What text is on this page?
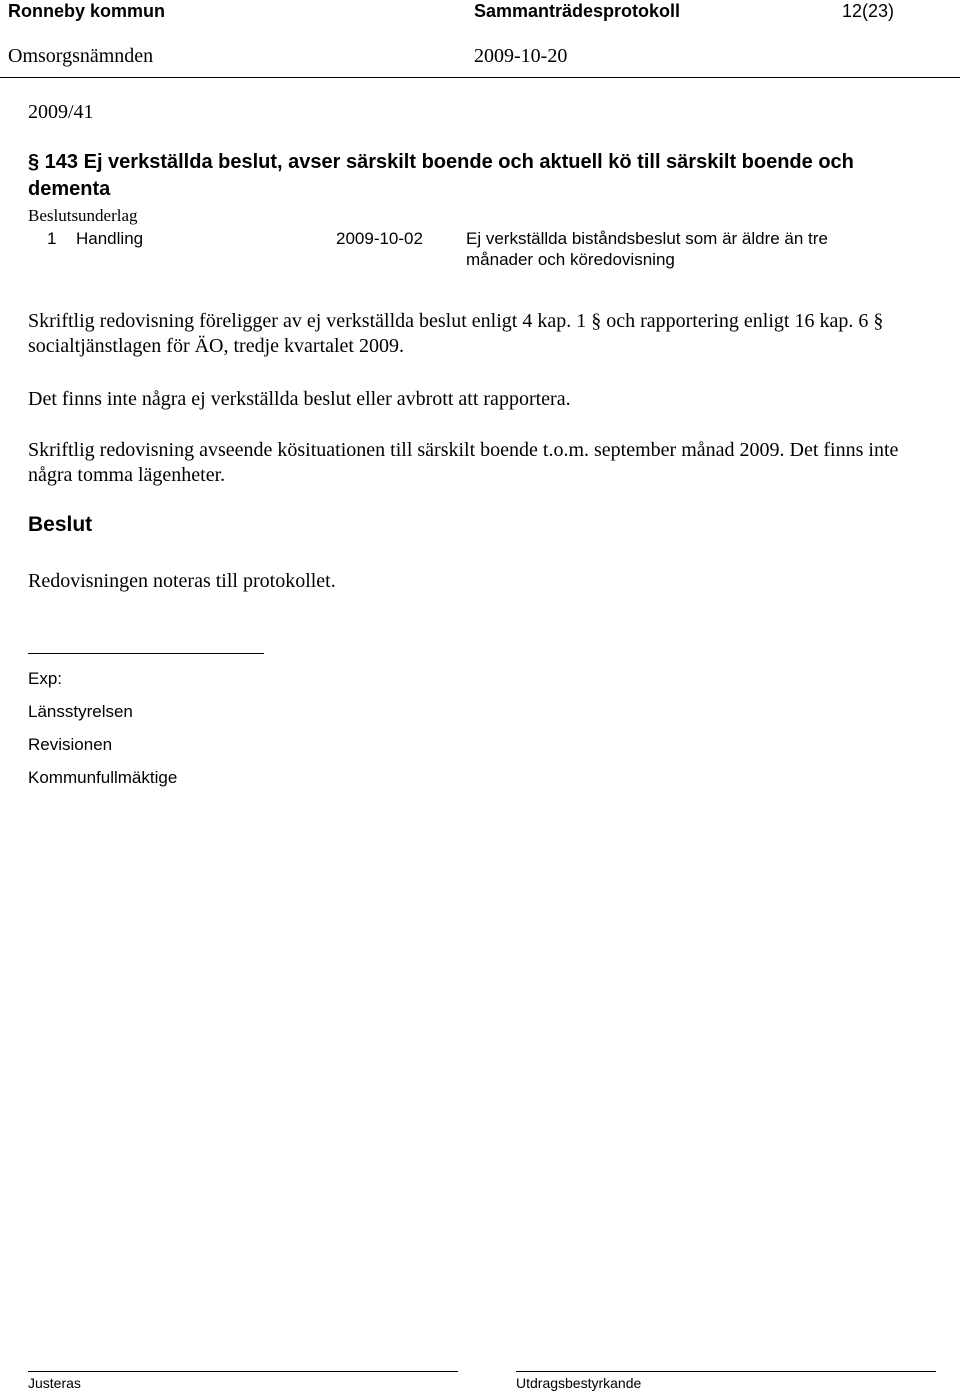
Ronneby kommun	Sammanträdesprotokoll	12(23)
Omsorgsnämnden	2009-10-20
2009/41
§ 143 Ej verkställda beslut, avser särskilt boende och aktuell kö till särskilt boende och dementa
Beslutsunderlag
1 Handling	2009-10-02	Ej verkställda biståndsbeslut som är äldre än tre månader och köredovisning
Skriftlig redovisning föreligger av ej verkställda beslut enligt 4 kap. 1 § och rapportering enligt 16 kap. 6 § socialtjänstlagen för ÄO, tredje kvartalet 2009.
Det finns inte några ej verkställda beslut eller avbrott att rapportera.
Skriftlig redovisning avseende kösituationen till särskilt boende t.o.m. september månad 2009. Det finns inte några tomma lägenheter.
Beslut
Redovisningen noteras till protokollet.
Exp:
Länsstyrelsen
Revisionen
Kommunfullmäktige
Justeras	Utdragsbestyrkande
